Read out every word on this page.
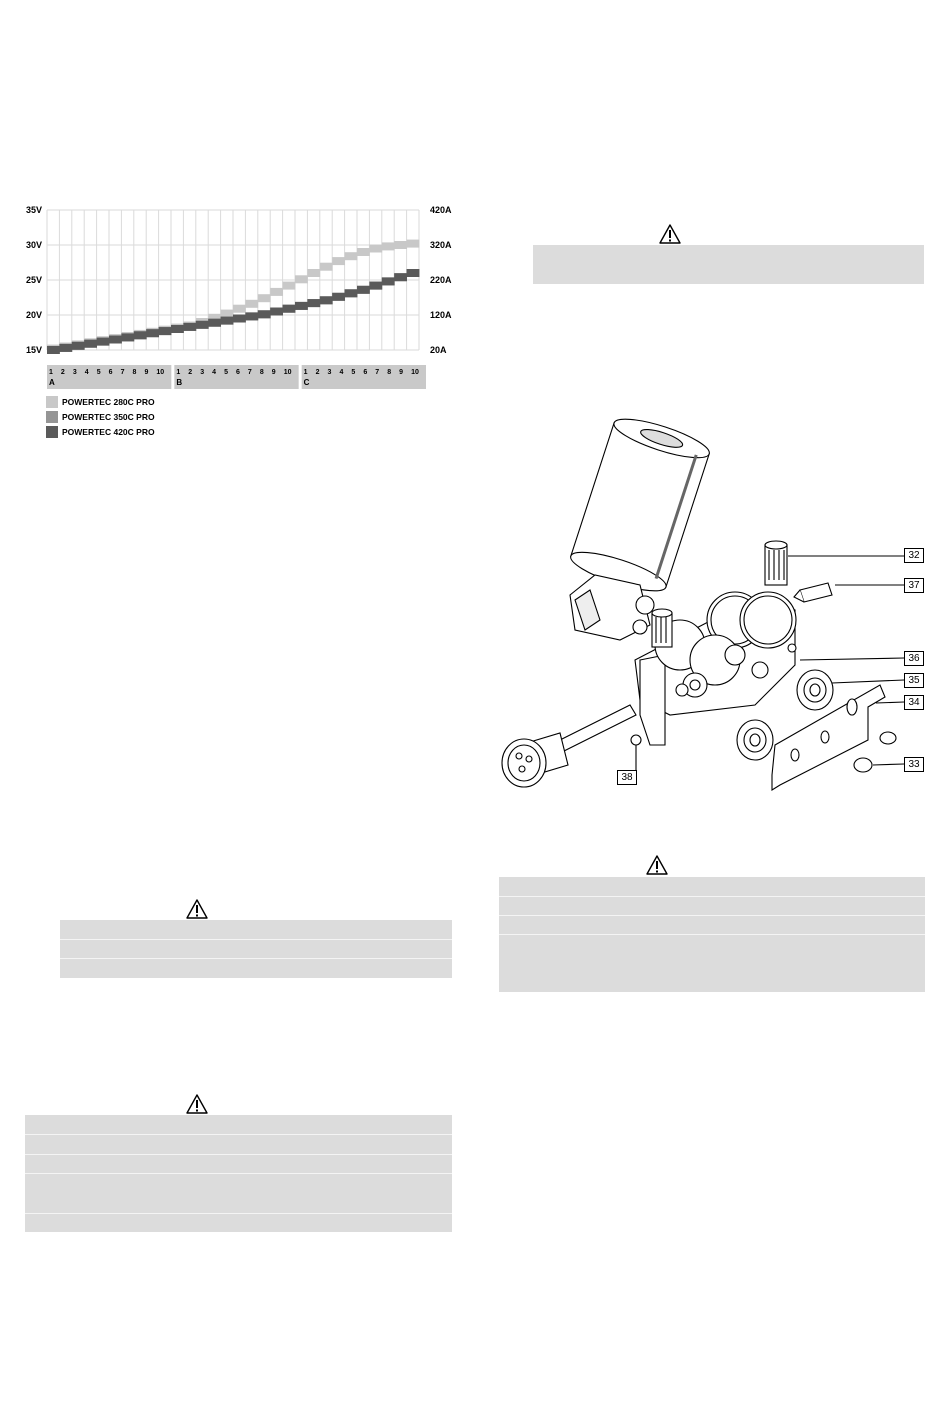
35V
30V
25V
20V
15V
420A
320A
220A
120A
20A
A
1 2 3 4 5 6 7 8 9 10
B
1 2 3 4 5 6 7 8 9 10
C
1 2 3 4 5 6 7 8 9 10
POWERTEC 280C PRO
POWERTEC 350C PRO
POWERTEC 420C PRO
32
37
36
35
34
33
38
